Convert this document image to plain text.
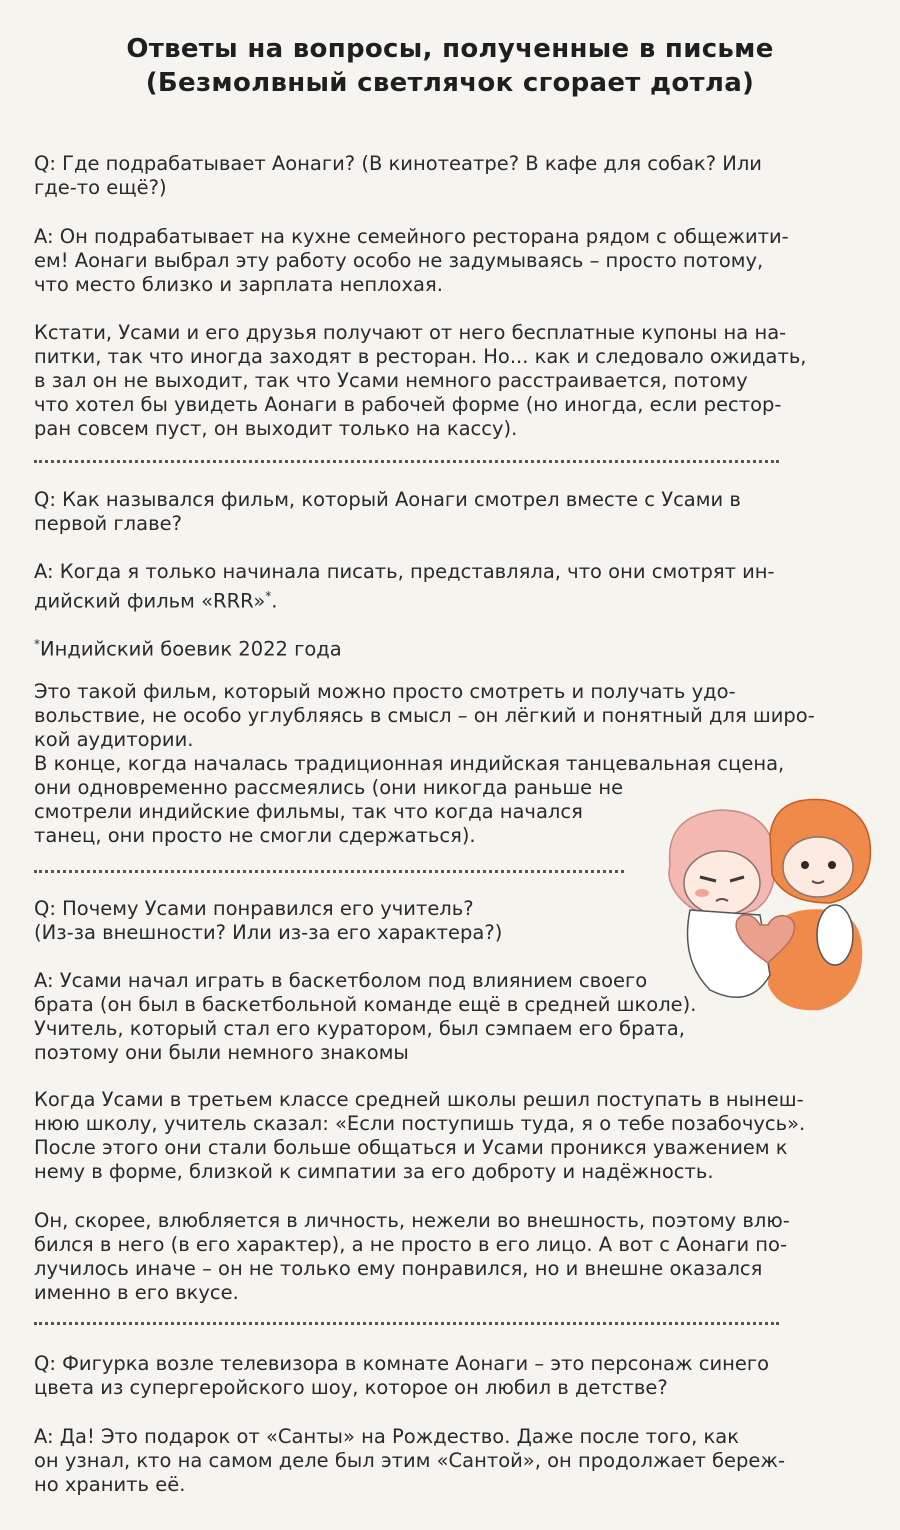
Ответы на вопросы, полученные в письме
(Безмолвный светлячок сгорает дотла)

Q: Где подрабатывает Аонаги? (В кинотеатре? В кафе для собак? Или
где-то ещё?)

A: Он подрабатывает на кухне семейного ресторана рядом с общежити-
ем! Аонаги выбрал эту работу особо не задумываясь – просто потому,
что место близко и зарплата неплохая.

Кстати, Усами и его друзья получают от него бесплатные купоны на на-
питки, так что иногда заходят в ресторан. Но... как и следовало ожидать,
в зал он не выходит, так что Усами немного расстраивается, потому
что хотел бы увидеть Аонаги в рабочей форме (но иногда, если рестор-
ран совсем пуст, он выходит только на кассу).

Q: Как назывался фильм, который Аонаги смотрел вместе с Усами в
первой главе?

A: Когда я только начинала писать, представляла, что они смотрят ин-
дийский фильм «RRR»*.

*Индийский боевик 2022 года

Это такой фильм, который можно просто смотреть и получать удо-
вольствие, не особо углубляясь в смысл – он лёгкий и понятный для широ-
кой аудитории.

В конце, когда началась традиционная индийская танцевальная сцена,
они одновременно рассмеялись (они никогда раньше не
смотрели индийские фильмы, так что когда начался
танец, они просто не смогли сдержаться).

Q: Почему Усами понравился его учитель?
(Из-за внешности? Или из-за его характера?)

A: Усами начал играть в баскетболом под влиянием своего
брата (он был в баскетбольной команде ещё в средней школе).
Учитель, который стал его куратором, был сэмпаем его брата,
поэтому они были немного знакомы

Когда Усами в третьем классе средней школы решил поступать в нынеш-
нюю школу, учитель сказал: «Если поступишь туда, я о тебе позабочусь».
После этого они стали больше общаться и Усами проникся уважением к
нему в форме, близкой к симпатии за его доброту и надёжность.

Он, скорее, влюбляется в личность, нежели во внешность, поэтому влю-
бился в него (в его характер), а не просто в его лицо. А вот с Аонаги по-
лучилось иначе – он не только ему понравился, но и внешне оказался
именно в его вкусе.

Q: Фигурка возле телевизора в комнате Аонаги – это персонаж синего
цвета из супергеройского шоу, которое он любил в детстве?

A: Да! Это подарок от «Санты» на Рождество. Даже после того, как
он узнал, кто на самом деле был этим «Сантой», он продолжает береж-
но хранить её.
